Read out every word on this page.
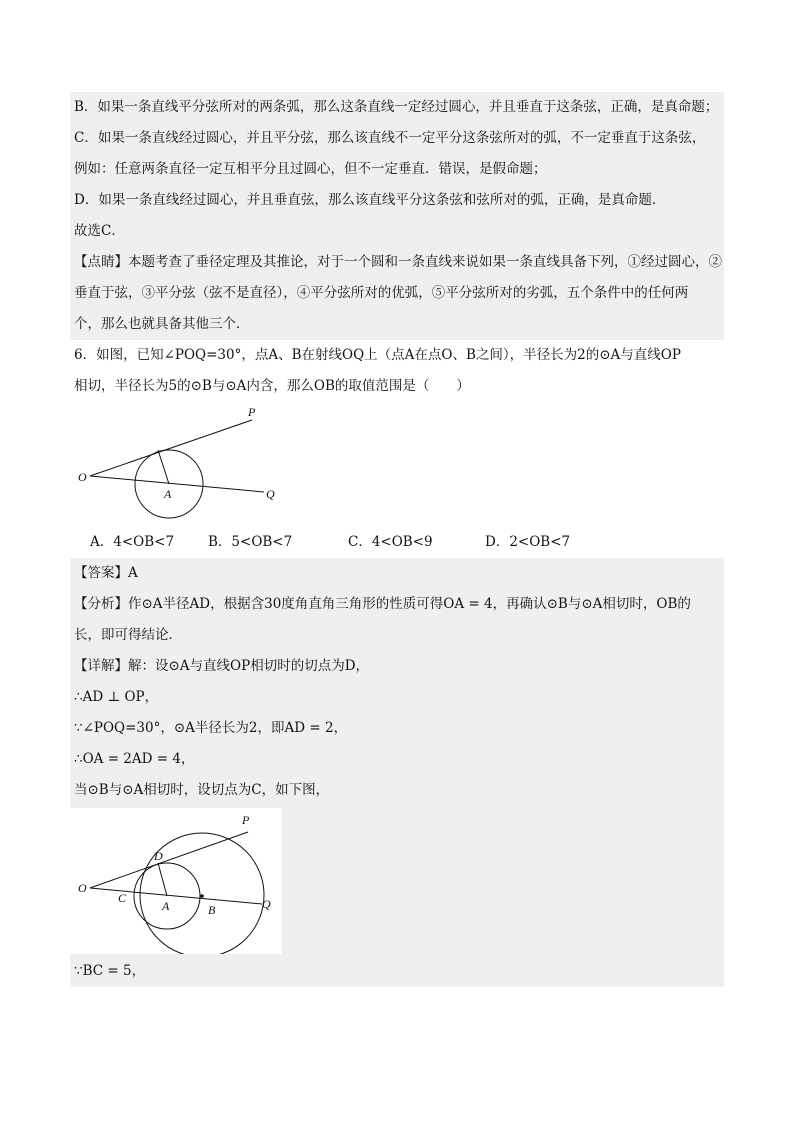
B．如果一条直线平分弦所对的两条弧，那么这条直线一定经过圆心，并且垂直于这条弦，正确，是真命题；
C．如果一条直线经过圆心，并且平分弦，那么该直线不一定平分这条弦所对的弧，不一定垂直于这条弦，
例如：任意两条直径一定互相平分且过圆心，但不一定垂直．错误，是假命题；
D．如果一条直线经过圆心，并且垂直弦，那么该直线平分这条弦和弦所对的弧，正确，是真命题．
故选C．
【点睛】本题考查了垂径定理及其推论，对于一个圆和一条直线来说如果一条直线具备下列，①经过圆心，②
垂直于弦，③平分弦（弦不是直径），④平分弦所对的优弧，⑤平分弦所对的劣弧，五个条件中的任何两
个，那么也就具备其他三个．
6．如图，已知∠POQ=30°，点A、B在射线OQ上（点A在点O、B之间），半径长为2的⊙A与直线OP
相切，半径长为5的⊙B与⊙A内含，那么OB的取值范围是（　　）
P
O
A	Q
A．4<OB<7	B．5<OB<7	C．4<OB<9	D．2<OB<7
【答案】A
【分析】作⊙A半径AD，根据含30度角直角三角形的性质可得OA = 4，再确认⊙B与⊙A相切时，OB的
长，即可得结论．
【详解】解：设⊙A与直线OP相切时的切点为D，
∴AD ⊥ OP，
∵∠POQ=30°，⊙A半径长为2，即AD = 2，
∴OA = 2AD = 4，
当⊙B与⊙A相切时，设切点为C，如下图，
P
O
D
C
A	B	Q
∵BC = 5，
